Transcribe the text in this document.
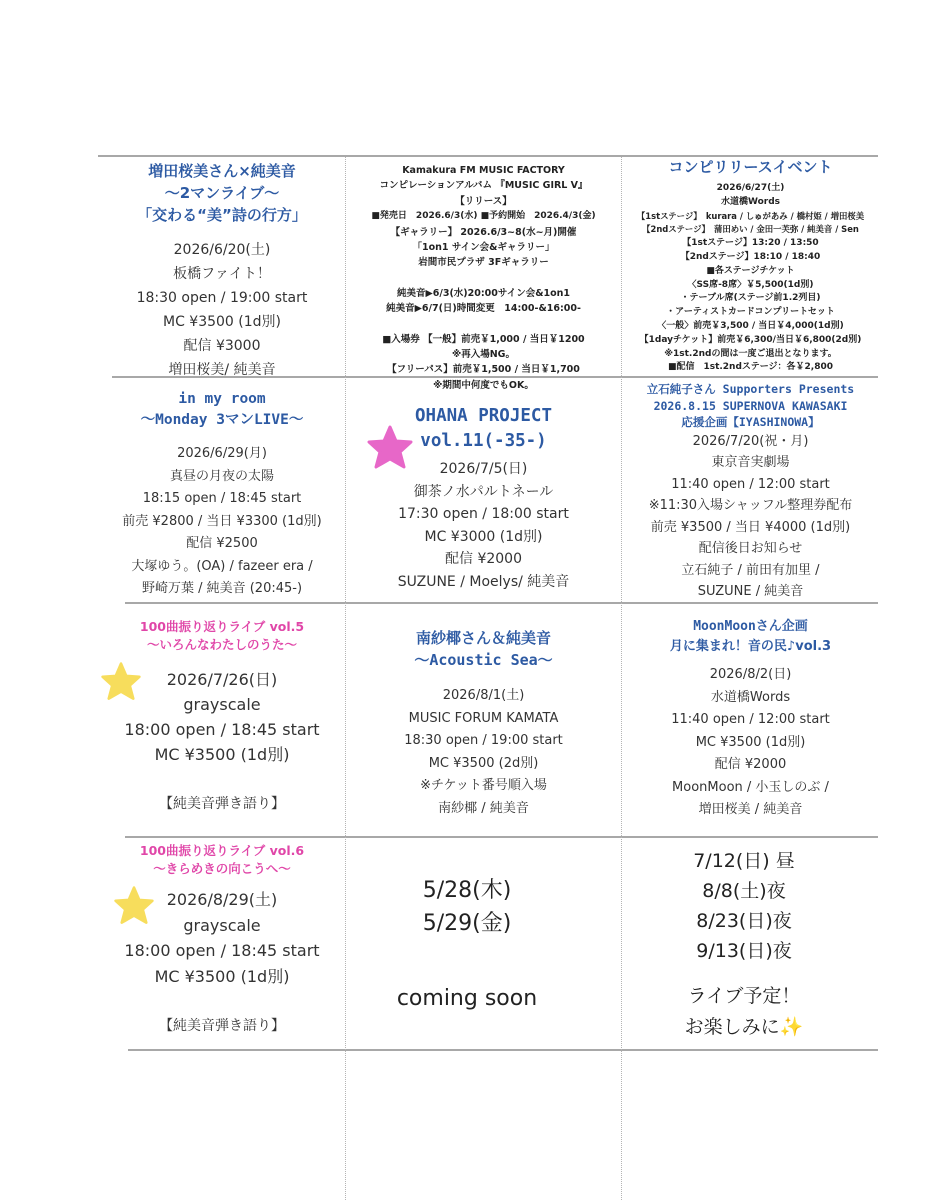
増田桜美さん×純美音
〜2マンライブ〜
「交わる“美”詩の行方」
2026/6/20(土)
板橋ファイト！
18:30 open / 19:00 start
MC ¥3500 (1d別)
配信 ¥3000
増田桜美/ 純美音
Kamakura FM MUSIC FACTORY
コンピレーションアルバム 『MUSIC GIRL Ⅴ』
【リリース】
■発売日　2026.6/3(水) ■予約開始　2026.4/3(金)
【ギャラリー】 2026.6/3~8(水~月)開催
「1on1 サイン会&ギャラリー」
岩間市民プラザ 3Fギャラリー
純美音▶6/3(水)20:00サイン会&1on1
純美音▶6/7(日)時間変更　14:00-&16:00-
■入場券 【一般】前売￥1,000 / 当日￥1200
※再入場NG。
【フリーパス】前売￥1,500 / 当日￥1,700
※期間中何度でもOK。
コンピリリースイベント
2026/6/27(土)
水道橋Words
【1stステージ】　kurara / しゅがあみ / 橋村姫 / 増田桜美
【2ndステージ】　蒲田めい / 金田一芙弥 / 純美音 / Sen
【1stステージ】13:20 / 13:50
【2ndステージ】18:10 / 18:40
■各ステージチケット
〈SS席-8席〉￥5,500(1d別)
・テーブル席(ステージ前1.2列目)
・アーティストカードコンプリートセット
〈一般〉前売￥3,500 / 当日￥4,000(1d別)
【1dayチケット】前売￥6,300/当日￥6,800(2d別)
※1st.2ndの間は一度ご退出となります。
■配信　1st.2ndステージ：各￥2,800
in my room
〜Monday 3マンLIVE〜
2026/6/29(月)
真昼の月夜の太陽
18:15 open / 18:45 start
前売 ¥2800 / 当日 ¥3300 (1d別)
配信 ¥2500
大塚ゆう。(OA) / fazeer era /
野崎万葉 / 純美音 (20:45-)
OHANA PROJECT
vol.11(-35-)
2026/7/5(日)
御茶ノ水パルトネール
17:30 open / 18:00 start
MC ¥3000 (1d別)
配信 ¥2000
SUZUNE / Moelys/ 純美音
立石純子さん Supporters Presents
2026.8.15 SUPERNOVA KAWASAKI
応援企画【IYASHINOWA】
2026/7/20(祝・月)
東京音実劇場
11:40 open / 12:00 start
※11:30入場シャッフル整理券配布
前売 ¥3500 / 当日 ¥4000 (1d別)
配信後日お知らせ
立石純子 / 前田有加里 /
SUZUNE / 純美音
100曲振り返りライブ vol.5
〜いろんなわたしのうた〜
2026/7/26(日)
grayscale
18:00 open / 18:45 start
MC ¥3500 (1d別)
【純美音弾き語り】
南紗椰さん＆純美音
〜Acoustic Sea〜
2026/8/1(土)
MUSIC FORUM KAMATA
18:30 open / 19:00 start
MC ¥3500 (2d別)
※チケット番号順入場
南紗椰 / 純美音
MoonMoonさん企画
月に集まれ！音の民♪vol.3
2026/8/2(日)
水道橋Words
11:40 open / 12:00 start
MC ¥3500 (1d別)
配信 ¥2000
MoonMoon / 小玉しのぶ /
増田桜美 / 純美音
100曲振り返りライブ vol.6
〜きらめきの向こうへ〜
2026/8/29(土)
grayscale
18:00 open / 18:45 start
MC ¥3500 (1d別)
【純美音弾き語り】
5/28(木)
5/29(金)
coming soon
7/12(日) 昼
8/8(土)夜
8/23(日)夜
9/13(日)夜
ライブ予定！
お楽しみに✨
